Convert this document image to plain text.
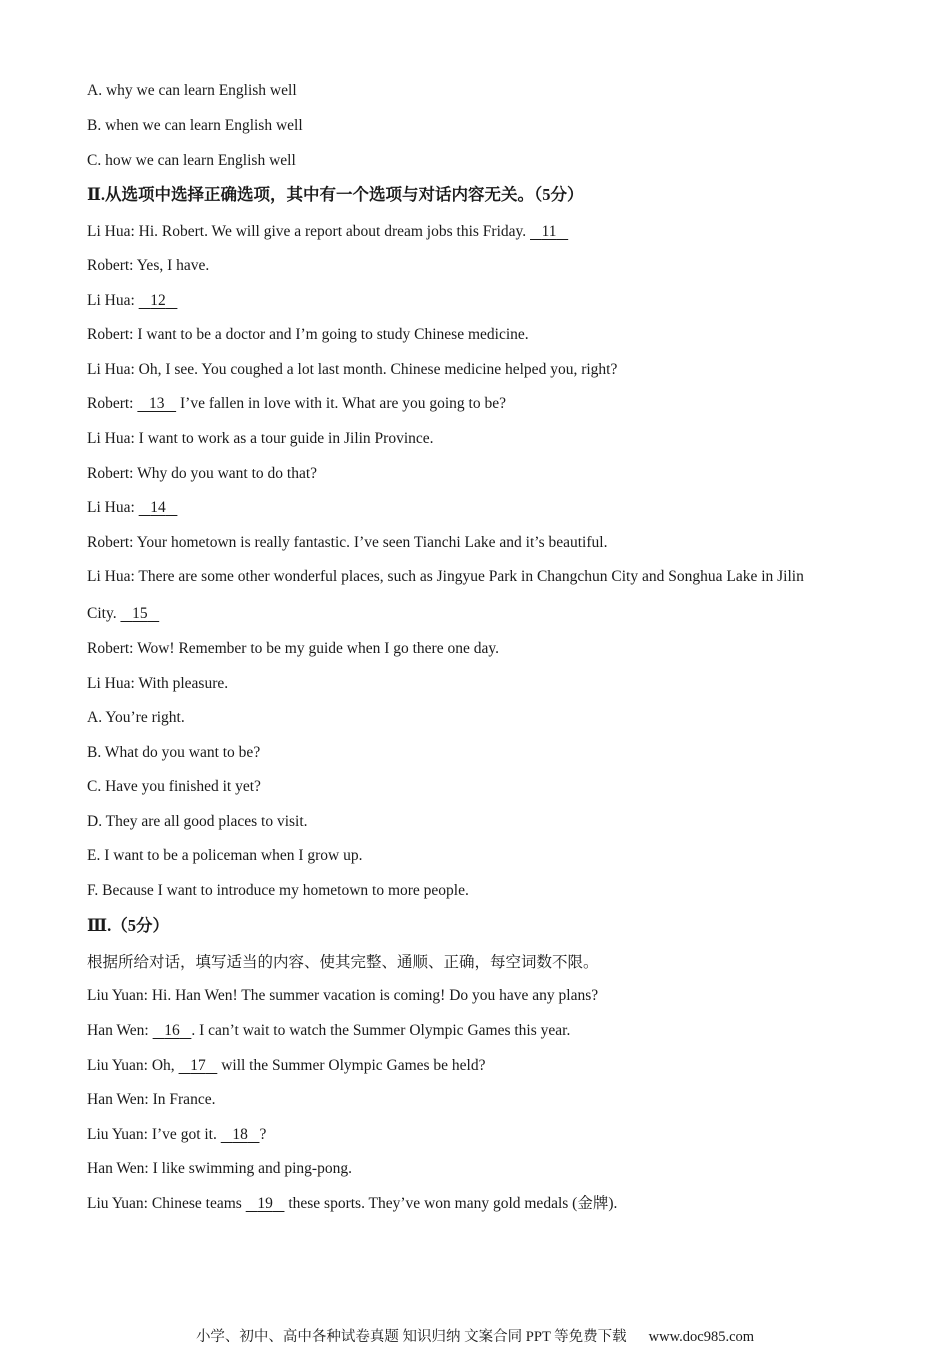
A. why we can learn English well
B. when we can learn English well
C. how we can learn English well
Ⅱ.从选项中选择正确选项，其中有一个选项与对话内容无关。（5分）
Li Hua: Hi. Robert. We will give a report about dream jobs this Friday.    11
Robert: Yes, I have.
Li Hua:    12
Robert: I want to be a doctor and I’m going to study Chinese medicine.
Li Hua: Oh, I see. You coughed a lot last month. Chinese medicine helped you, right?
Robert:    13    I’ve fallen in love with it. What are you going to be?
Li Hua: I want to work as a tour guide in Jilin Province.
Robert: Why do you want to do that?
Li Hua:    14
Robert: Your hometown is really fantastic. I’ve seen Tianchi Lake and it’s beautiful.
Li Hua: There are some other wonderful places, such as Jingyue Park in Changchun City and Songhua Lake in Jilin
City.    15
Robert: Wow! Remember to be my guide when I go there one day.
Li Hua: With pleasure.
A. You’re right.
B. What do you want to be?
C. Have you finished it yet?
D. They are all good places to visit.
E. I want to be a policeman when I grow up.
F. Because I want to introduce my hometown to more people.
Ⅲ.（5分）
根据所给对话，填写适当的内容、使其完整、通顺、正确，每空词数不限。
Liu Yuan: Hi. Han Wen! The summer vacation is coming! Do you have any plans?
Han Wen:    16 . I can’t wait to watch the Summer Olympic Games this year.
Liu Yuan: Oh,    17    will the Summer Olympic Games be held?
Han Wen: In France.
Liu Yuan: I’ve got it.    18 ?
Han Wen: I like swimming and ping-pong.
Liu Yuan: Chinese teams    19    these sports. They’ve won many gold medals (金牌).
小学、初中、高中各种试卷真题 知识归纳 文案合同 PPT 等免费下载 www.doc985.com
